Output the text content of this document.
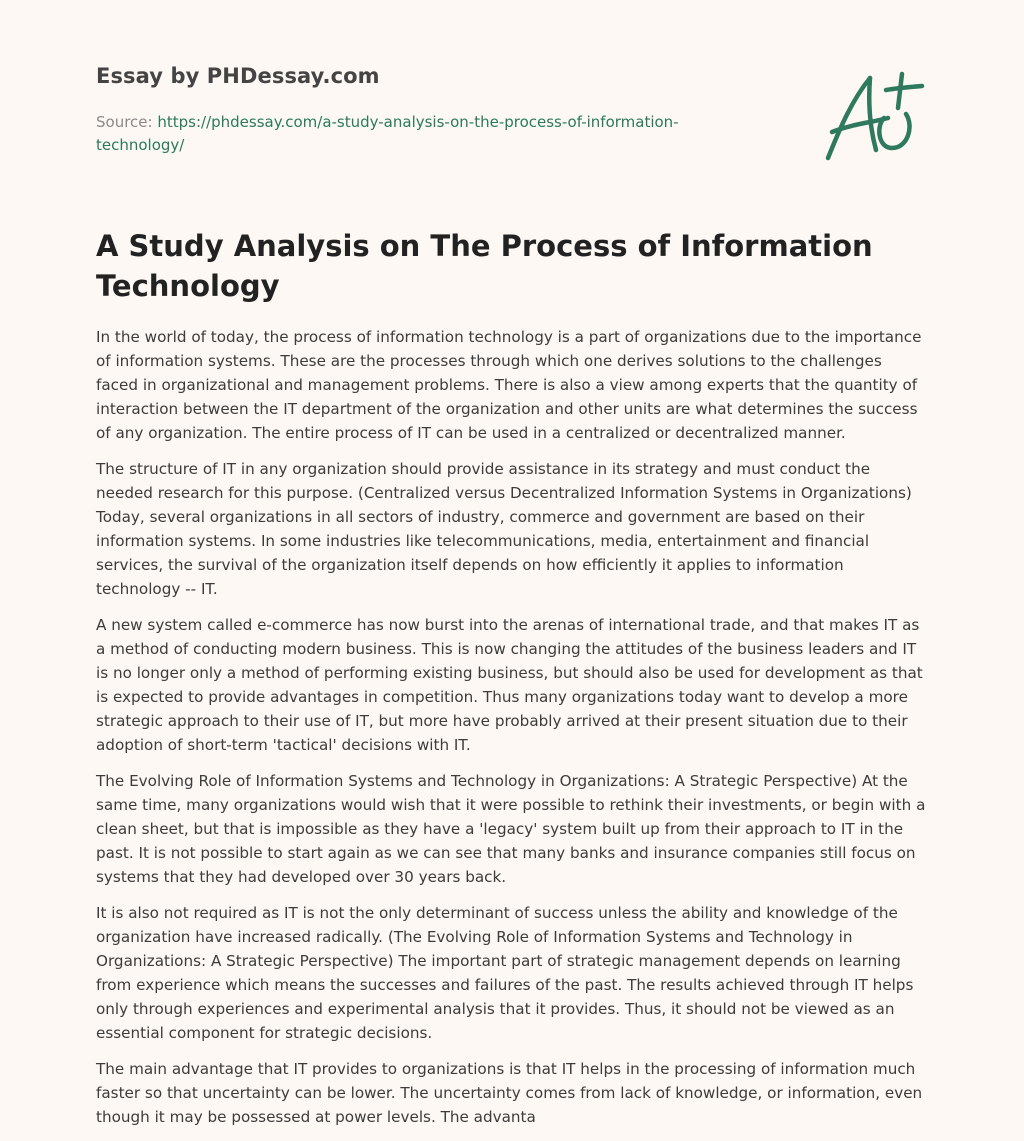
Essay by PHDessay.com
Source: https://phdessay.com/a-study-analysis-on-the-process-of-information-technology/
A Study Analysis on The Process of Information Technology

In the world of today, the process of information technology is a part of organizations due to the importance of information systems. These are the processes through which one derives solutions to the challenges faced in organizational and management problems. There is also a view among experts that the quantity of interaction between the IT department of the organization and other units are what determines the success of any organization. The entire process of IT can be used in a centralized or decentralized manner.

The structure of IT in any organization should provide assistance in its strategy and must conduct the needed research for this purpose. (Centralized versus Decentralized Information Systems in Organizations) Today, several organizations in all sectors of industry, commerce and government are based on their information systems. In some industries like telecommunications, media, entertainment and financial services, the survival of the organization itself depends on how efficiently it applies to information technology -- IT.

A new system called e-commerce has now burst into the arenas of international trade, and that makes IT as a method of conducting modern business. This is now changing the attitudes of the business leaders and IT is no longer only a method of performing existing business, but should also be used for development as that is expected to provide advantages in competition. Thus many organizations today want to develop a more strategic approach to their use of IT, but more have probably arrived at their present situation due to their adoption of short-term 'tactical' decisions with IT.

The Evolving Role of Information Systems and Technology in Organizations: A Strategic Perspective) At the same time, many organizations would wish that it were possible to rethink their investments, or begin with a clean sheet, but that is impossible as they have a 'legacy' system built up from their approach to IT in the past. It is not possible to start again as we can see that many banks and insurance companies still focus on systems that they had developed over 30 years back.

It is also not required as IT is not the only determinant of success unless the ability and knowledge of the organization have increased radically. (The Evolving Role of Information Systems and Technology in Organizations: A Strategic Perspective) The important part of strategic management depends on learning from experience which means the successes and failures of the past. The results achieved through IT helps only through experiences and experimental analysis that it provides. Thus, it should not be viewed as an essential component for strategic decisions.

The main advantage that IT provides to organizations is that IT helps in the processing of information much faster so that uncertainty can be lower. The uncertainty comes from lack of knowledge, or information, even though it may be possessed at power levels. The advanta
